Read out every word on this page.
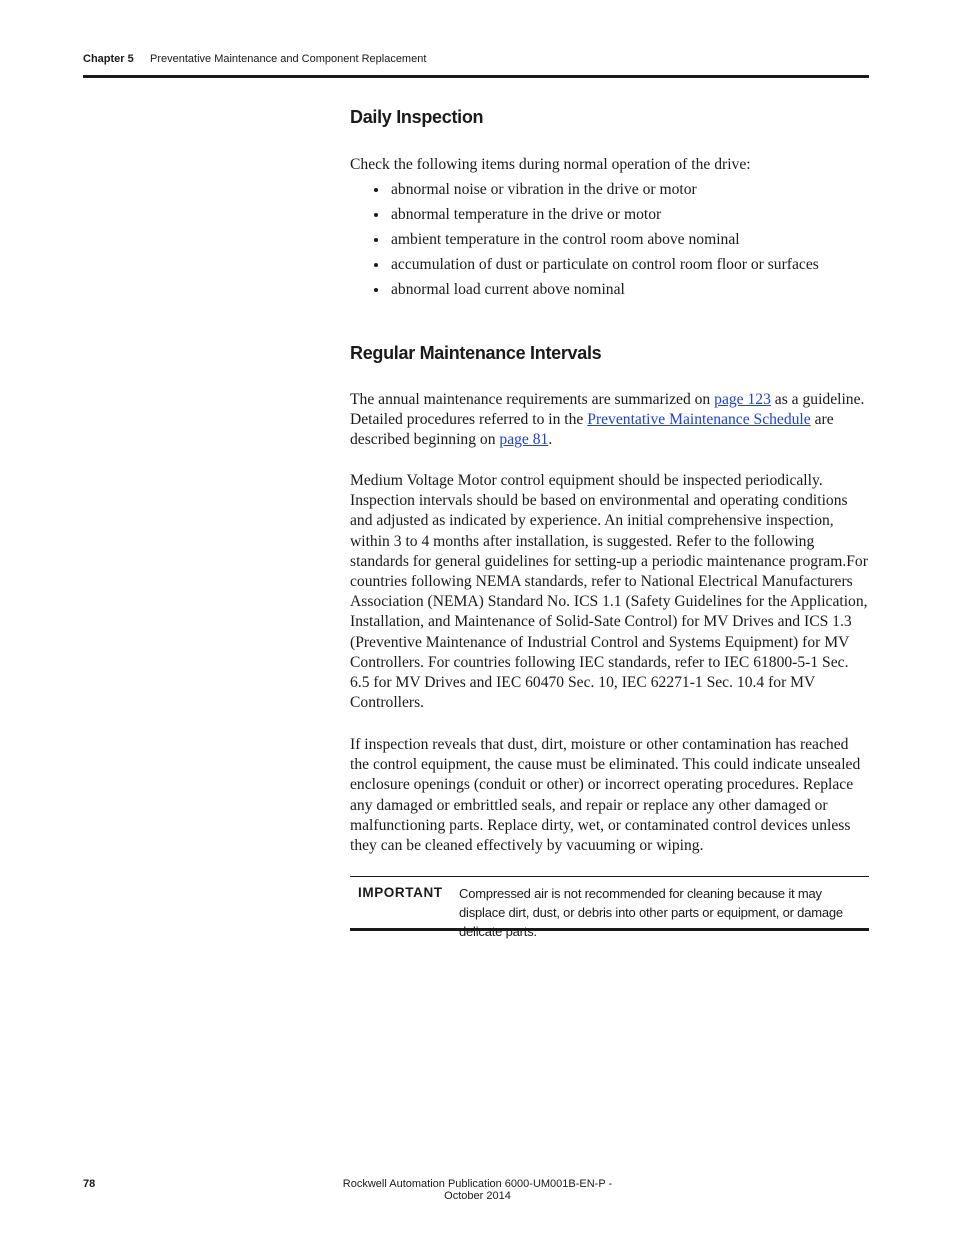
Chapter 5 Preventative Maintenance and Component Replacement
Daily Inspection

Check the following items during normal operation of the drive:

abnormal noise or vibration in the drive or motor
abnormal temperature in the drive or motor
ambient temperature in the control room above nominal
accumulation of dust or particulate on control room floor or surfaces
abnormal load current above nominal
Regular Maintenance Intervals

The annual maintenance requirements are summarized on page 123 as a guideline. Detailed procedures referred to in the Preventative Maintenance Schedule are described beginning on page 81.

Medium Voltage Motor control equipment should be inspected periodically. Inspection intervals should be based on environmental and operating conditions and adjusted as indicated by experience. An initial comprehensive inspection, within 3 to 4 months after installation, is suggested. Refer to the following standards for general guidelines for setting-up a periodic maintenance program.For countries following NEMA standards, refer to National Electrical Manufacturers Association (NEMA) Standard No. ICS 1.1 (Safety Guidelines for the Application, Installation, and Maintenance of Solid-Sate Control) for MV Drives and ICS 1.3 (Preventive Maintenance of Industrial Control and Systems Equipment) for MV Controllers. For countries following IEC standards, refer to IEC 61800-5-1 Sec. 6.5 for MV Drives and IEC 60470 Sec. 10, IEC 62271-1 Sec. 10.4 for MV Controllers.

If inspection reveals that dust, dirt, moisture or other contamination has reached the control equipment, the cause must be eliminated. This could indicate unsealed enclosure openings (conduit or other) or incorrect operating procedures. Replace any damaged or embrittled seals, and repair or replace any other damaged or malfunctioning parts. Replace dirty, wet, or contaminated control devices unless they can be cleaned effectively by vacuuming or wiping.

IMPORTANT Compressed air is not recommended for cleaning because it may displace dirt, dust, or debris into other parts or equipment, or damage delicate parts.
78	Rockwell Automation Publication 6000-UM001B-EN-P - October 2014
